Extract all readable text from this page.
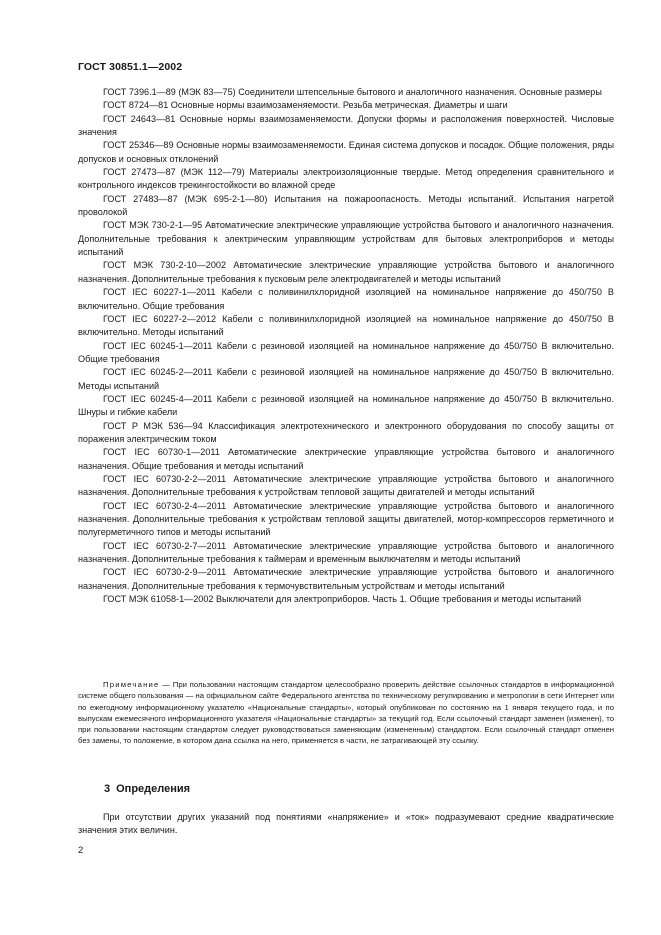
ГОСТ 30851.1—2002
ГОСТ 7396.1—89 (МЭК 83—75) Соединители штепсельные бытового и аналогичного назначения. Основные размеры
ГОСТ 8724—81 Основные нормы взаимозаменяемости. Резьба метрическая. Диаметры и шаги
ГОСТ 24643—81 Основные нормы взаимозаменяемости. Допуски формы и расположения поверхностей. Числовые значения
ГОСТ 25346—89 Основные нормы взаимозаменяемости. Единая система допусков и посадок. Общие положения, ряды допусков и основных отклонений
ГОСТ 27473—87 (МЭК 112—79) Материалы электроизоляционные твердые. Метод определения сравнительного и контрольного индексов трекингостойкости во влажной среде
ГОСТ 27483—87 (МЭК 695-2-1—80) Испытания на пожароопасность. Методы испытаний. Испытания нагретой проволокой
ГОСТ МЭК 730-2-1—95 Автоматические электрические управляющие устройства бытового и аналогичного назначения. Дополнительные требования к электрическим управляющим устройствам для бытовых электроприборов и методы испытаний
ГОСТ МЭК 730-2-10—2002 Автоматические электрические управляющие устройства бытового и аналогичного назначения. Дополнительные требования к пусковым реле электродвигателей и методы испытаний
ГОСТ IEC 60227-1—2011 Кабели с поливинилхлоридной изоляцией на номинальное напряжение до 450/750 В включительно. Общие требования
ГОСТ IEC 60227-2—2012 Кабели с поливинилхлоридной изоляцией на номинальное напряжение до 450/750 В включительно. Методы испытаний
ГОСТ IEC 60245-1—2011 Кабели с резиновой изоляцией на номинальное напряжение до 450/750 В включительно. Общие требования
ГОСТ IEC 60245-2—2011 Кабели с резиновой изоляцией на номинальное напряжение до 450/750 В включительно. Методы испытаний
ГОСТ IEC 60245-4—2011 Кабели с резиновой изоляцией на номинальное напряжение до 450/750 В включительно. Шнуры и гибкие кабели
ГОСТ Р МЭК 536—94 Классификация электротехнического и электронного оборудования по способу защиты от поражения электрическим током
ГОСТ IEC 60730-1—2011 Автоматические электрические управляющие устройства бытового и аналогичного назначения. Общие требования и методы испытаний
ГОСТ IEC 60730-2-2—2011 Автоматические электрические управляющие устройства бытового и аналогичного назначения. Дополнительные требования к устройствам тепловой защиты двигателей и методы испытаний
ГОСТ IEC 60730-2-4—2011 Автоматические электрические управляющие устройства бытового и аналогичного назначения. Дополнительные требования к устройствам тепловой защиты двигателей, мотор-компрессоров герметичного и полугерметичного типов и методы испытаний
ГОСТ IEC 60730-2-7—2011 Автоматические электрические управляющие устройства бытового и аналогичного назначения. Дополнительные требования к таймерам и временным выключателям и методы испытаний
ГОСТ IEC 60730-2-9—2011 Автоматические электрические управляющие устройства бытового и аналогичного назначения. Дополнительные требования к термочувствительным устройствам и методы испытаний
ГОСТ МЭК 61058-1—2002 Выключатели для электроприборов. Часть 1. Общие требования и методы испытаний
Примечание — При пользовании настоящим стандартом целесообразно проверить действие ссылочных стандартов в информационной системе общего пользования — на официальном сайте Федерального агентства по техническому регулированию и метрологии в сети Интернет или по ежегодному информационному указателю «Национальные стандарты», который опубликован по состоянию на 1 января текущего года, и по выпускам ежемесячного информационного указателя «Национальные стандарты» за текущий год. Если ссылочный стандарт заменен (изменен), то при пользовании настоящим стандартом следует руководствоваться заменяющим (измененным) стандартом. Если ссылочный стандарт отменен без замены, то положение, в котором дана ссылка на него, применяется в части, не затрагивающей эту ссылку.
3 Определения
При отсутствии других указаний под понятиями «напряжение» и «ток» подразумевают средние квадратические значения этих величин.
2
